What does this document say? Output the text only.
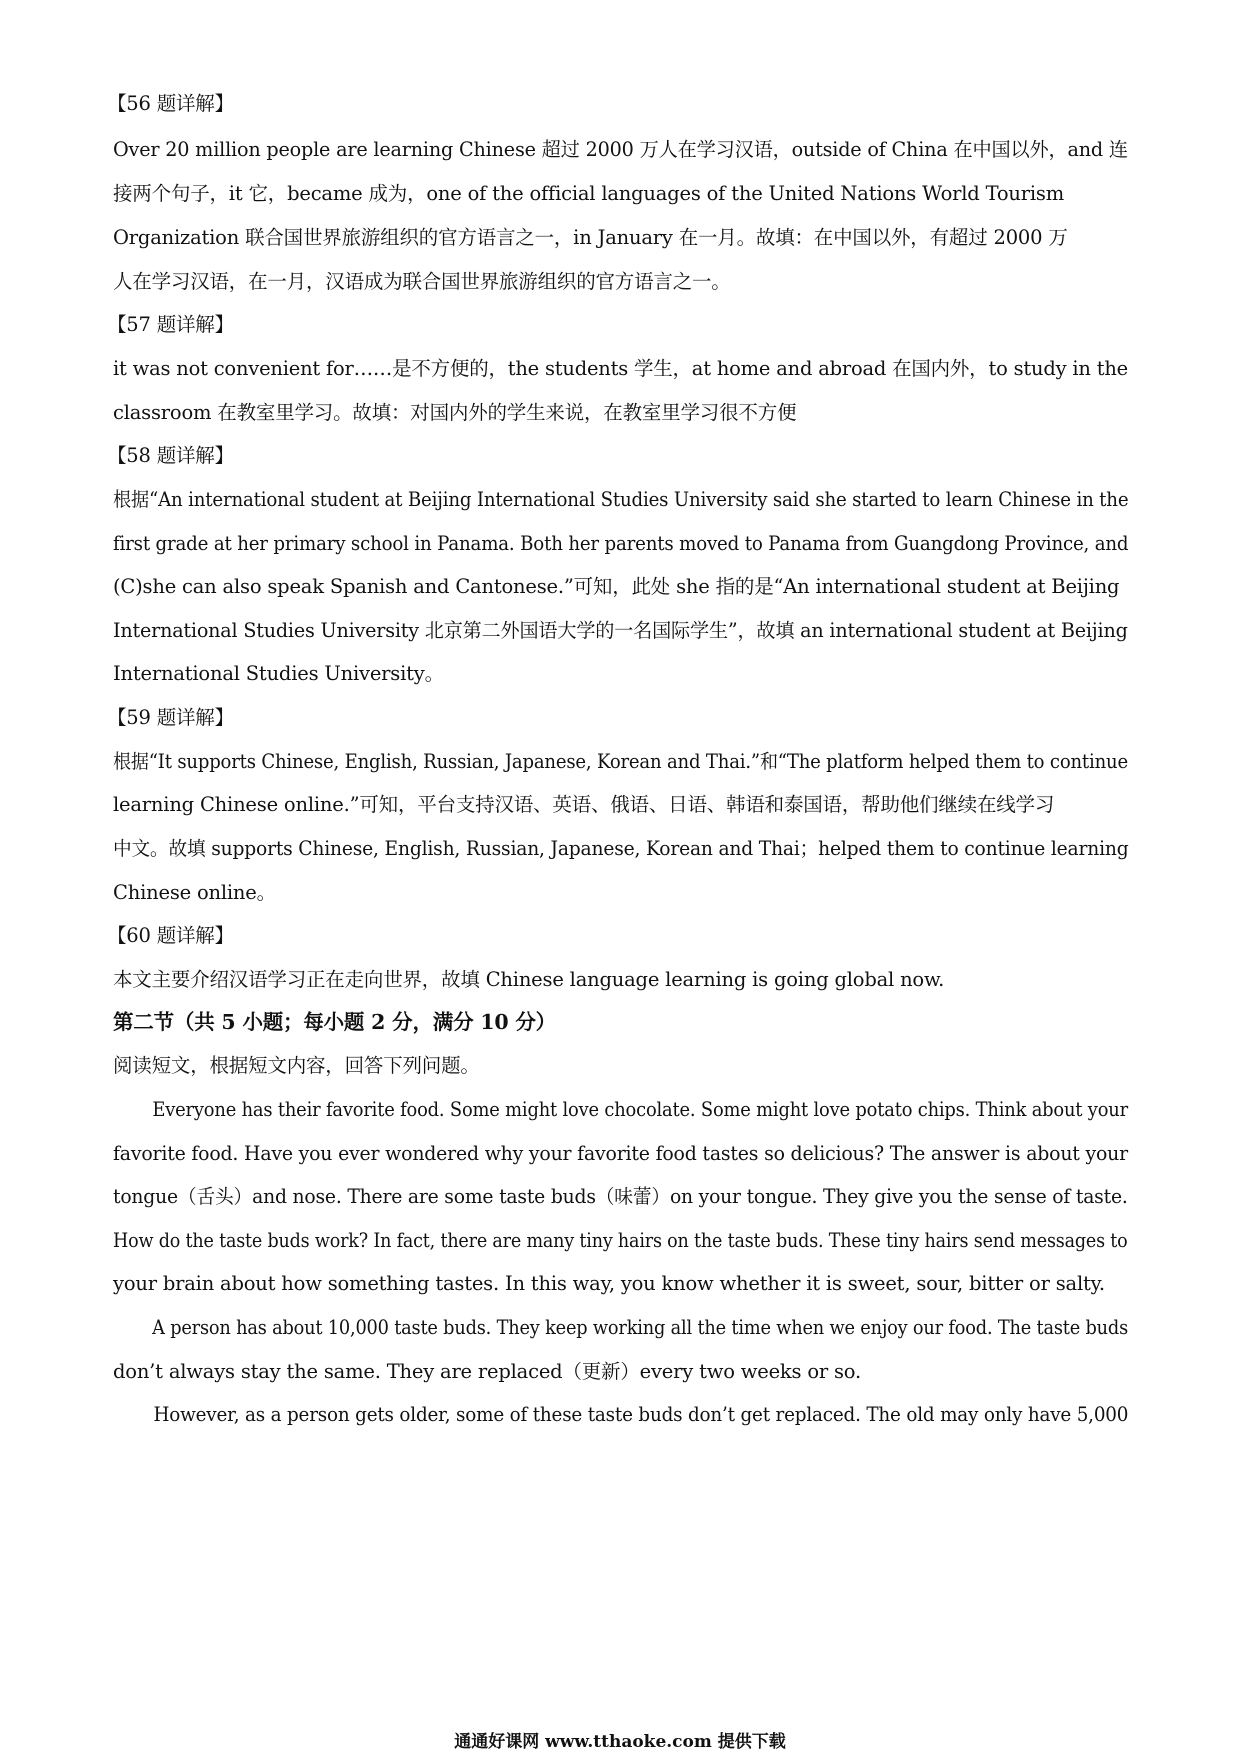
【56 题详解】
Over 20 million people are learning Chinese 超过 2000 万人在学习汉语，outside of China 在中国以外，and 连
接两个句子，it 它，became 成为，one of the official languages of the United Nations World Tourism
Organization 联合国世界旅游组织的官方语言之一，in January 在一月。故填：在中国以外，有超过 2000 万
人在学习汉语，在一月，汉语成为联合国世界旅游组织的官方语言之一。
【57 题详解】
it was not convenient for……是不方便的，the students 学生，at home and abroad 在国内外，to study in the
classroom 在教室里学习。故填：对国内外的学生来说，在教室里学习很不方便
【58 题详解】
根据“An international student at Beijing International Studies University said she started to learn Chinese in the
first grade at her primary school in Panama. Both her parents moved to Panama from Guangdong Province, and
(C)she can also speak Spanish and Cantonese.”可知，此处 she 指的是“An international student at Beijing
International Studies University 北京第二外国语大学的一名国际学生”，故填 an international student at Beijing
International Studies University。
【59 题详解】
根据“It supports Chinese, English, Russian, Japanese, Korean and Thai.”和“The platform helped them to continue
learning Chinese online.”可知，平台支持汉语、英语、俄语、日语、韩语和泰国语，帮助他们继续在线学习
中文。故填 supports Chinese, English, Russian, Japanese, Korean and Thai；helped them to continue learning
Chinese online。
【60 题详解】
本文主要介绍汉语学习正在走向世界，故填 Chinese language learning is going global now.
第二节（共 5 小题；每小题 2 分，满分 10 分）
阅读短文，根据短文内容，回答下列问题。
Everyone has their favorite food. Some might love chocolate. Some might love potato chips. Think about your
favorite food. Have you ever wondered why your favorite food tastes so delicious? The answer is about your
tongue（舌头）and nose. There are some taste buds（味蕾）on your tongue. They give you the sense of taste.
How do the taste buds work? In fact, there are many tiny hairs on the taste buds. These tiny hairs send messages to
your brain about how something tastes. In this way, you know whether it is sweet, sour, bitter or salty.
A person has about 10,000 taste buds. They keep working all the time when we enjoy our food. The taste buds
don’t always stay the same. They are replaced（更新）every two weeks or so.
However, as a person gets older, some of these taste buds don’t get replaced. The old may only have 5,000
通通好课网 www.tthaoke.com 提供下载
